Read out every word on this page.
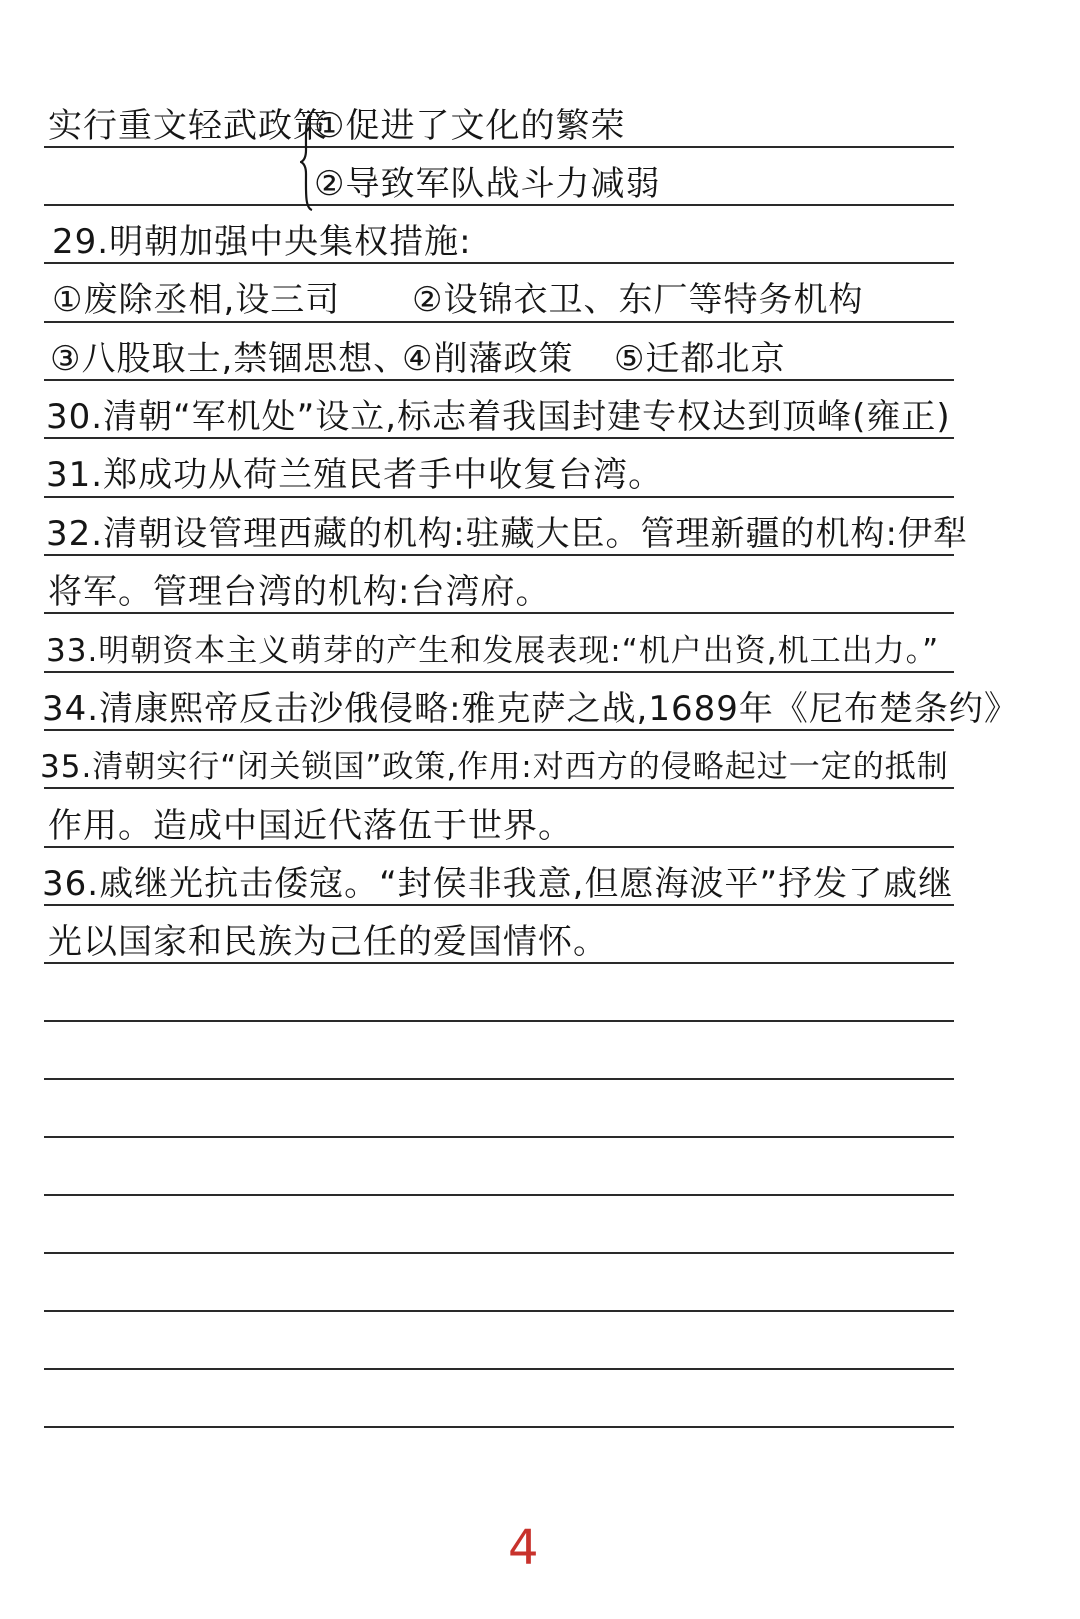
实行重文轻武政策
①促进了文化的繁荣
②导致军队战斗力减弱
29.明朝加强中央集权措施:
①废除丞相,设三司 ②设锦衣卫、东厂等特务机构
③八股取士,禁锢思想、
④削藩政策 ⑤迁都北京
30.清朝“军机处”设立,标志着我国封建专权达到顶峰(雍正)
31.郑成功从荷兰殖民者手中收复台湾。
32.清朝设管理西藏的机构:驻藏大臣。管理新疆的机构:伊犁
将军。管理台湾的机构:台湾府。
33.明朝资本主义萌芽的产生和发展表现:“机户出资,机工出力。”
34.清康熙帝反击沙俄侵略:雅克萨之战,1689年《尼布楚条约》
35.清朝实行“闭关锁国”政策,作用:对西方的侵略起过一定的抵制
作用。造成中国近代落伍于世界。
36.戚继光抗击倭寇。“封侯非我意,但愿海波平”抒发了戚继
光以国家和民族为己任的爱国情怀。
4
